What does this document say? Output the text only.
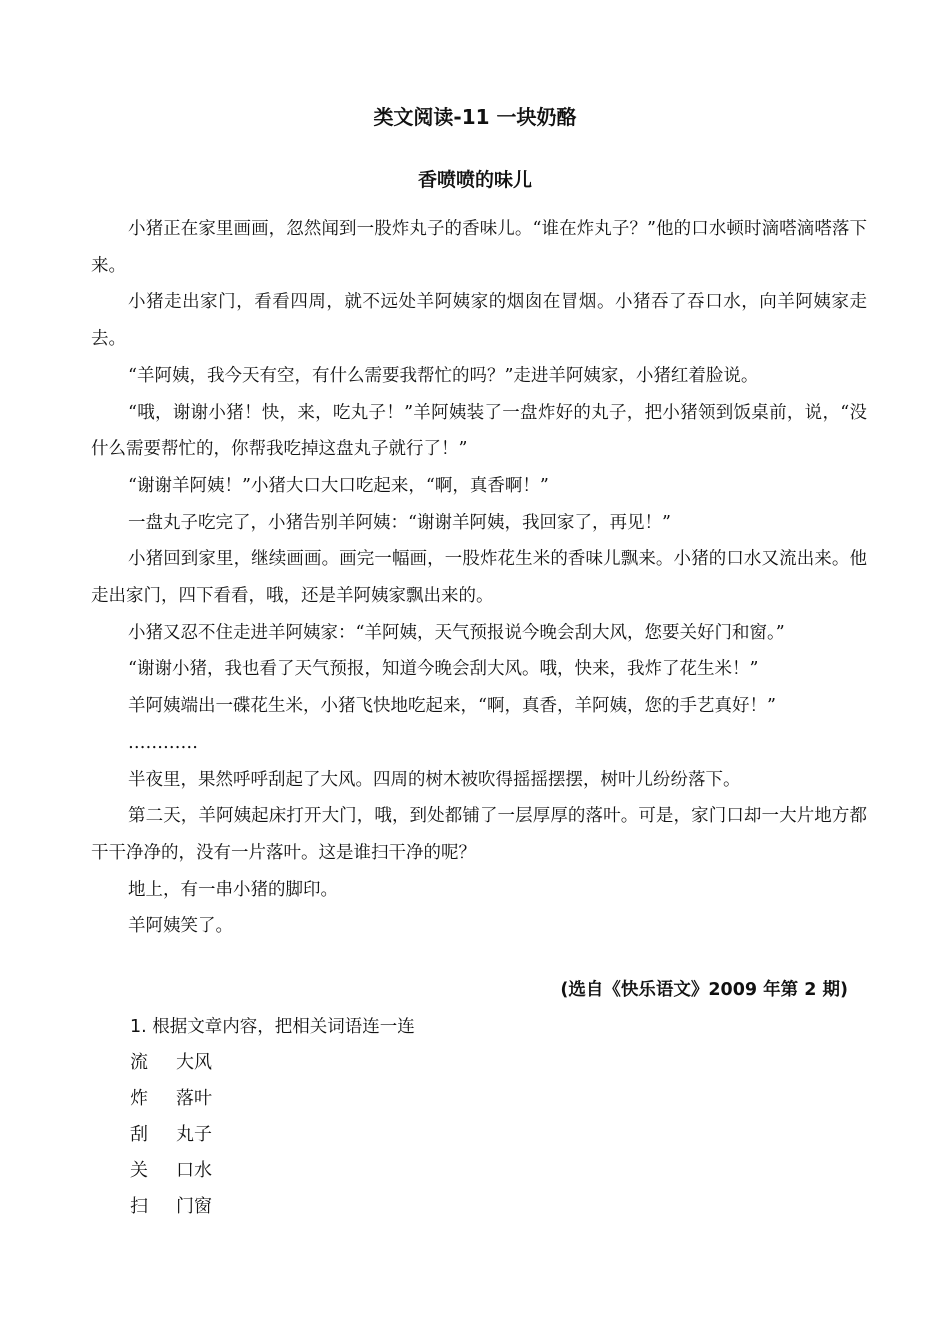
类文阅读-11 一块奶酪
香喷喷的味儿

小猪正在家里画画，忽然闻到一股炸丸子的香味儿。“谁在炸丸子？”他的口水顿时滴嗒滴嗒落下来。

小猪走出家门，看看四周，就不远处羊阿姨家的烟囱在冒烟。小猪吞了吞口水，向羊阿姨家走去。

“羊阿姨，我今天有空，有什么需要我帮忙的吗？”走进羊阿姨家，小猪红着脸说。

“哦，谢谢小猪！快，来，吃丸子！”羊阿姨装了一盘炸好的丸子，把小猪领到饭桌前，说，“没什么需要帮忙的，你帮我吃掉这盘丸子就行了！”

“谢谢羊阿姨！”小猪大口大口吃起来，“啊，真香啊！”

一盘丸子吃完了，小猪告别羊阿姨：“谢谢羊阿姨，我回家了，再见！”

小猪回到家里，继续画画。画完一幅画，一股炸花生米的香味儿飘来。小猪的口水又流出来。他走出家门，四下看看，哦，还是羊阿姨家飘出来的。

小猪又忍不住走进羊阿姨家：“羊阿姨，天气预报说今晚会刮大风，您要关好门和窗。”

“谢谢小猪，我也看了天气预报，知道今晚会刮大风。哦，快来，我炸了花生米！”

羊阿姨端出一碟花生米，小猪飞快地吃起来，“啊，真香，羊阿姨，您的手艺真好！”

…………

半夜里，果然呼呼刮起了大风。四周的树木被吹得摇摇摆摆，树叶儿纷纷落下。

第二天，羊阿姨起床打开大门，哦，到处都铺了一层厚厚的落叶。可是，家门口却一大片地方都干干净净的，没有一片落叶。这是谁扫干净的呢？

地上，有一串小猪的脚印。

羊阿姨笑了。

(选自《快乐语文》2009 年第 2 期)
1. 根据文章内容，把相关词语连一连
流	大风
炸	落叶
刮	丸子
关	口水
扫	门窗
